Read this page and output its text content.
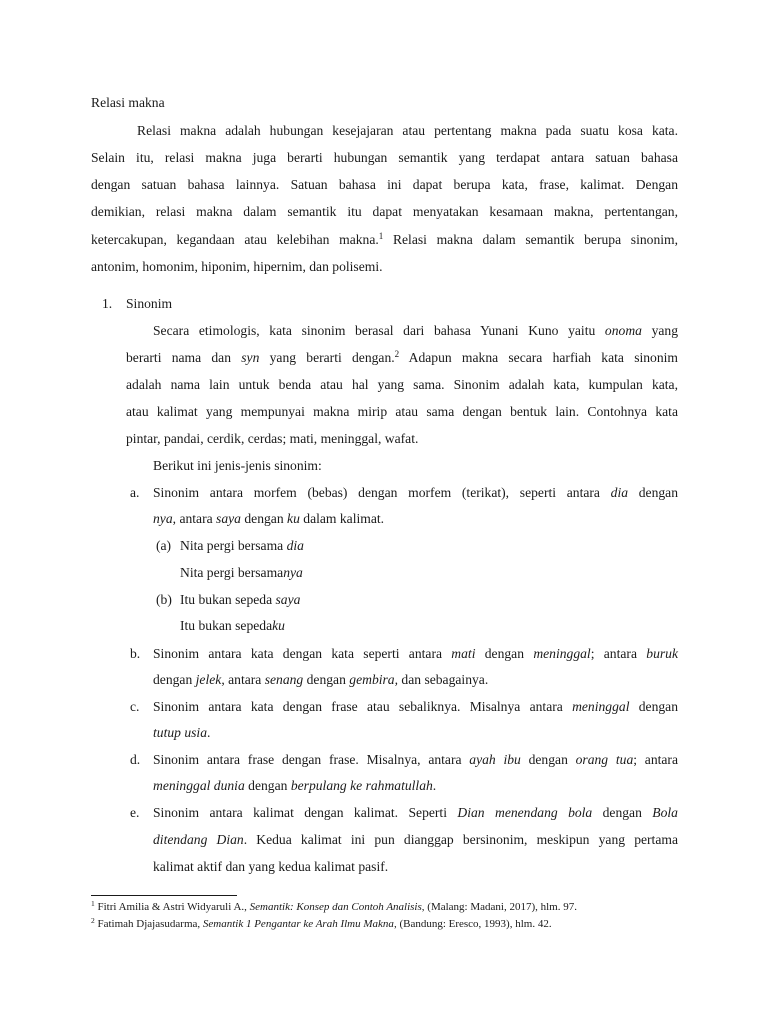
Relasi makna
Relasi makna adalah hubungan kesejajaran atau pertentang makna pada suatu kosa kata.
Selain itu, relasi makna juga berarti hubungan semantik yang terdapat antara satuan bahasa
dengan satuan bahasa lainnya. Satuan bahasa ini dapat berupa kata, frase, kalimat. Dengan
demikian, relasi makna dalam semantik itu dapat menyatakan kesamaan makna, pertentangan,
ketercakupan, kegandaan atau kelebihan makna.$^1$ Relasi makna dalam semantik berupa sinonim,
antonim, homonim, hiponim, hipernim, dan polisemi.
1. Sinonim
Secara etimologis, kata sinonim berasal dari bahasa Yunani Kuno yaitu onoma yang
berarti nama dan syn yang berarti dengan.$^2$ Adapun makna secara harfiah kata sinonim
adalah nama lain untuk benda atau hal yang sama. Sinonim adalah kata, kumpulan kata,
atau kalimat yang mempunyai makna mirip atau sama dengan bentuk lain. Contohnya kata
pintar, pandai, cerdik, cerdas; mati, meninggal, wafat.
Berikut ini jenis-jenis sinonim:
a. Sinonim antara morfem (bebas) dengan morfem (terikat), seperti antara dia dengan
nya, antara saya dengan ku dalam kalimat.
(a) Nita pergi bersama dia
Nita pergi bersamanya
(b) Itu bukan sepeda saya
Itu bukan sepedaku
b. Sinonim antara kata dengan kata seperti antara mati dengan meninggal; antara buruk
dengan jelek, antara senang dengan gembira, dan sebagainya.
c. Sinonim antara kata dengan frase atau sebaliknya. Misalnya antara meninggal dengan
tutup usia.
d. Sinonim antara frase dengan frase. Misalnya, antara ayah ibu dengan orang tua; antara
meninggal dunia dengan berpulang ke rahmatullah.
e. Sinonim antara kalimat dengan kalimat. Seperti Dian menendang bola dengan Bola
ditendang Dian. Kedua kalimat ini pun dianggap bersinonim, meskipun yang pertama
kalimat aktif dan yang kedua kalimat pasif.
$^1$ Fitri Amilia & Astri Widyaruli A., Semantik: Konsep dan Contoh Analisis, (Malang: Madani, 2017), hlm. 97.
$^2$ Fatimah Djajasudarma, Semantik 1 Pengantar ke Arah Ilmu Makna, (Bandung: Eresco, 1993), hlm. 42.
